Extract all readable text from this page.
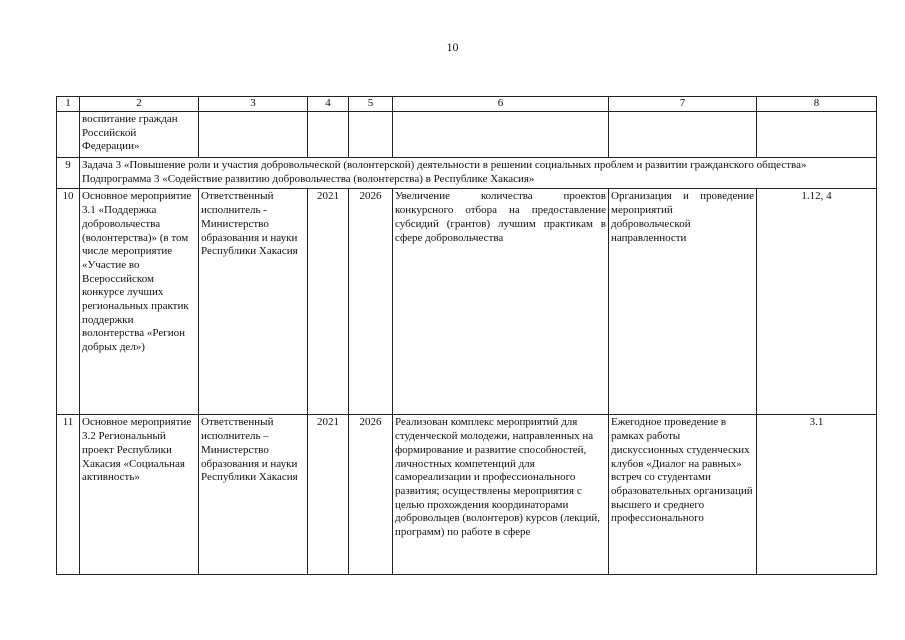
10
1	2	3	4	5	6	7	8
	воспитание граждан Российской Федерации»						
9	Задача 3 «Повышение роли и участия добровольческой (волонтерской) деятельности в решении социальных проблем и развитии гражданского общества»
Подпрограмма 3 «Содействие развитию добровольчества (волонтерства) в Республике Хакасия»						

10	Основное мероприятие 3.1 «Поддержка добровольчества (волонтерства)» (в том числе мероприятие «Участие во Всероссийском конкурсе лучших региональных практик поддержки волонтерства «Регион добрых дел»)	Ответственный исполнитель - Министерство образования и науки Республики Хакасия	2021	2026	Увеличение количества проектов конкурсного отбора на предоставление субсидий (грантов) лучшим практикам в сфере добровольчества	Организация и проведение мероприятий добровольческой направленности	1.12, 4
11	Основное мероприятие 3.2 Региональный проект Республики Хакасия «Социальная активность»	Ответственный исполнитель – Министерство образования и науки Республики Хакасия	2021	2026	Реализован комплекс мероприятий для студенческой молодежи, направленных на формирование и развитие способностей, личностных компетенций для самореализации и профессионального развития; осуществлены мероприятия с целью прохождения координаторами добровольцев (волонтеров) курсов (лекций, программ) по работе в сфере	Ежегодное проведение в рамках работы дискуссионных студенческих клубов «Диалог на равных» встреч со студентами образовательных организаций высшего и среднего профессионального	3.1
